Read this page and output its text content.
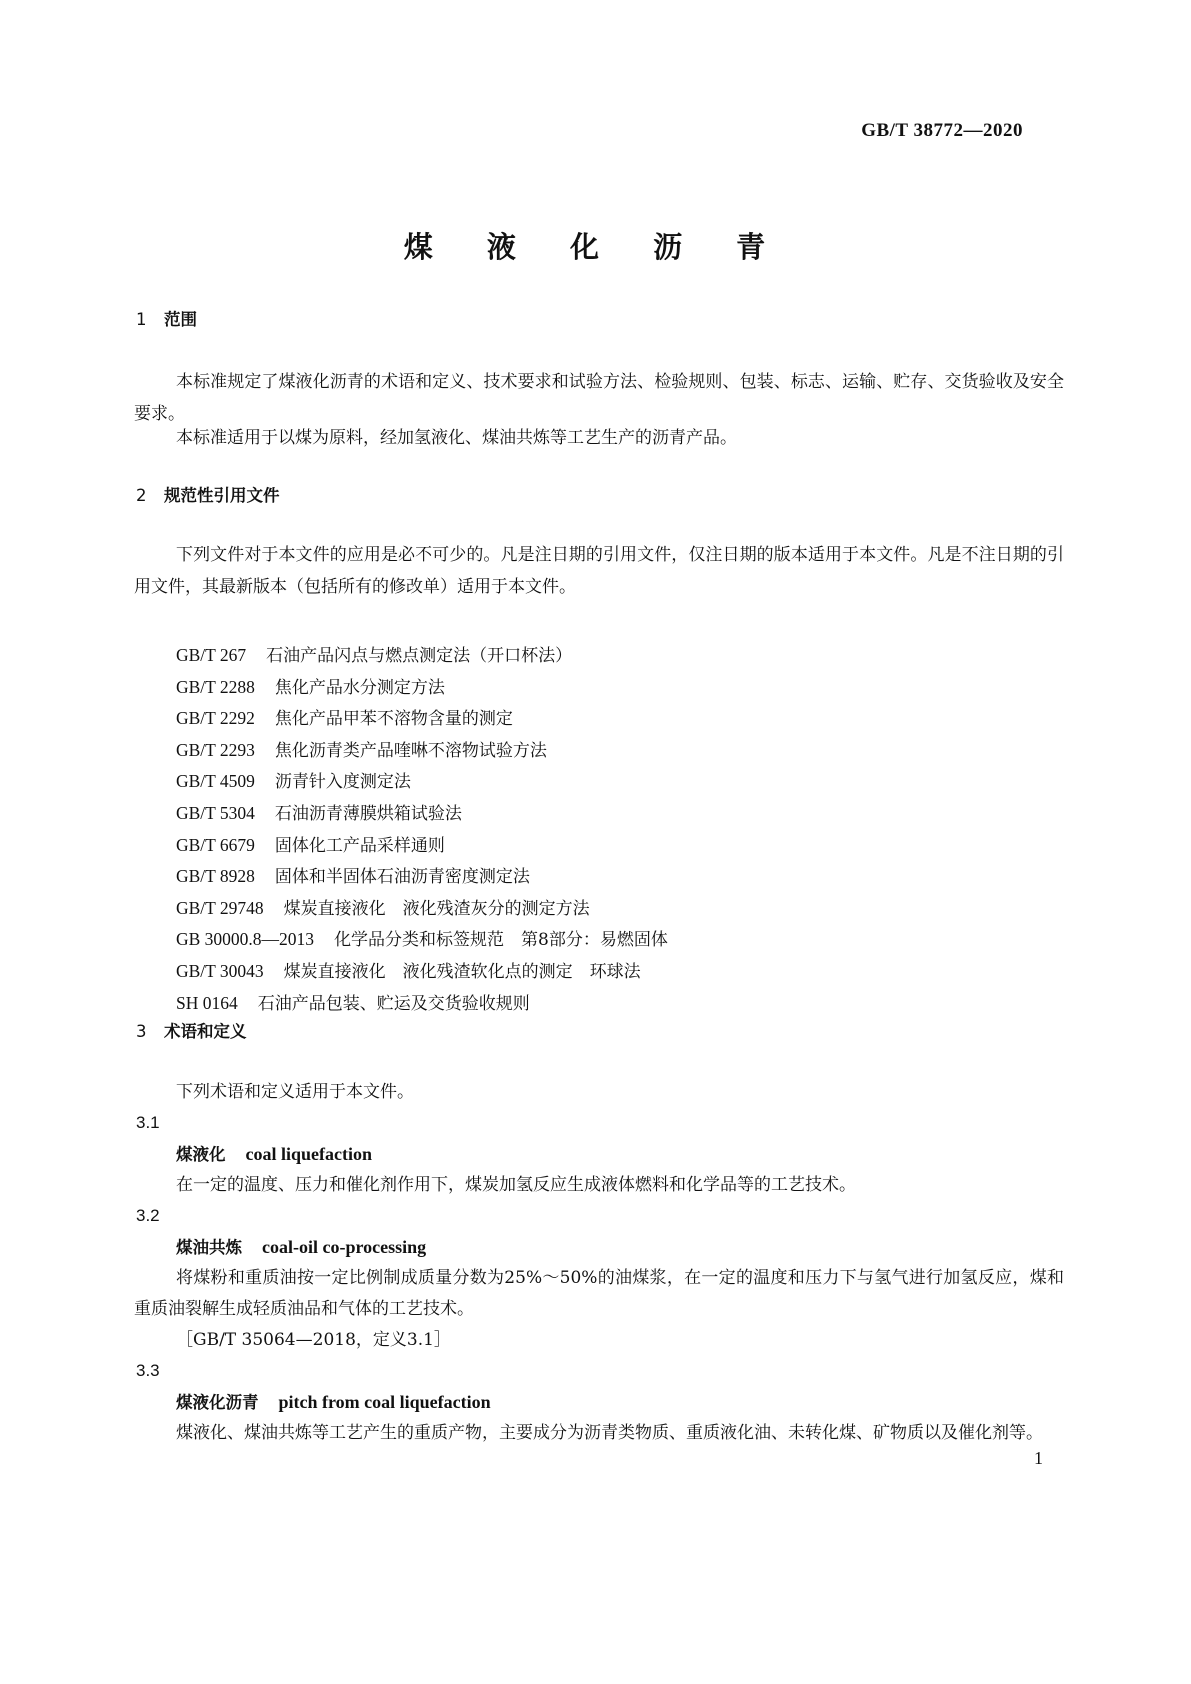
GB/T 38772—2020
煤 液 化 沥 青
1 范围

本标准规定了煤液化沥青的术语和定义、技术要求和试验方法、检验规则、包装、标志、运输、贮存、交货验收及安全要求。

本标准适用于以煤为原料，经加氢液化、煤油共炼等工艺生产的沥青产品。

2 规范性引用文件

下列文件对于本文件的应用是必不可少的。凡是注日期的引用文件，仅注日期的版本适用于本文件。凡是不注日期的引用文件，其最新版本（包括所有的修改单）适用于本文件。

GB/T 267 石油产品闪点与燃点测定法（开口杯法）
GB/T 2288 焦化产品水分测定方法
GB/T 2292 焦化产品甲苯不溶物含量的测定
GB/T 2293 焦化沥青类产品喹啉不溶物试验方法
GB/T 4509 沥青针入度测定法
GB/T 5304 石油沥青薄膜烘箱试验法
GB/T 6679 固体化工产品采样通则
GB/T 8928 固体和半固体石油沥青密度测定法
GB/T 29748 煤炭直接液化　液化残渣灰分的测定方法
GB 30000.8—2013 化学品分类和标签规范　第8部分：易燃固体
GB/T 30043 煤炭直接液化　液化残渣软化点的测定　环球法
SH 0164 石油产品包装、贮运及交货验收规则
3 术语和定义
下列术语和定义适用于本文件。
3.1
煤液化 coal liquefaction
在一定的温度、压力和催化剂作用下，煤炭加氢反应生成液体燃料和化学品等的工艺技术。
3.2
煤油共炼 coal-oil co-processing

将煤粉和重质油按一定比例制成质量分数为25%～50%的油煤浆，在一定的温度和压力下与氢气进行加氢反应，煤和重质油裂解生成轻质油品和气体的工艺技术。

［GB/T 35064—2018，定义3.1］
3.3
煤液化沥青 pitch from coal liquefaction

煤液化、煤油共炼等工艺产生的重质产物，主要成分为沥青类物质、重质液化油、未转化煤、矿物质以及催化剂等。

1
